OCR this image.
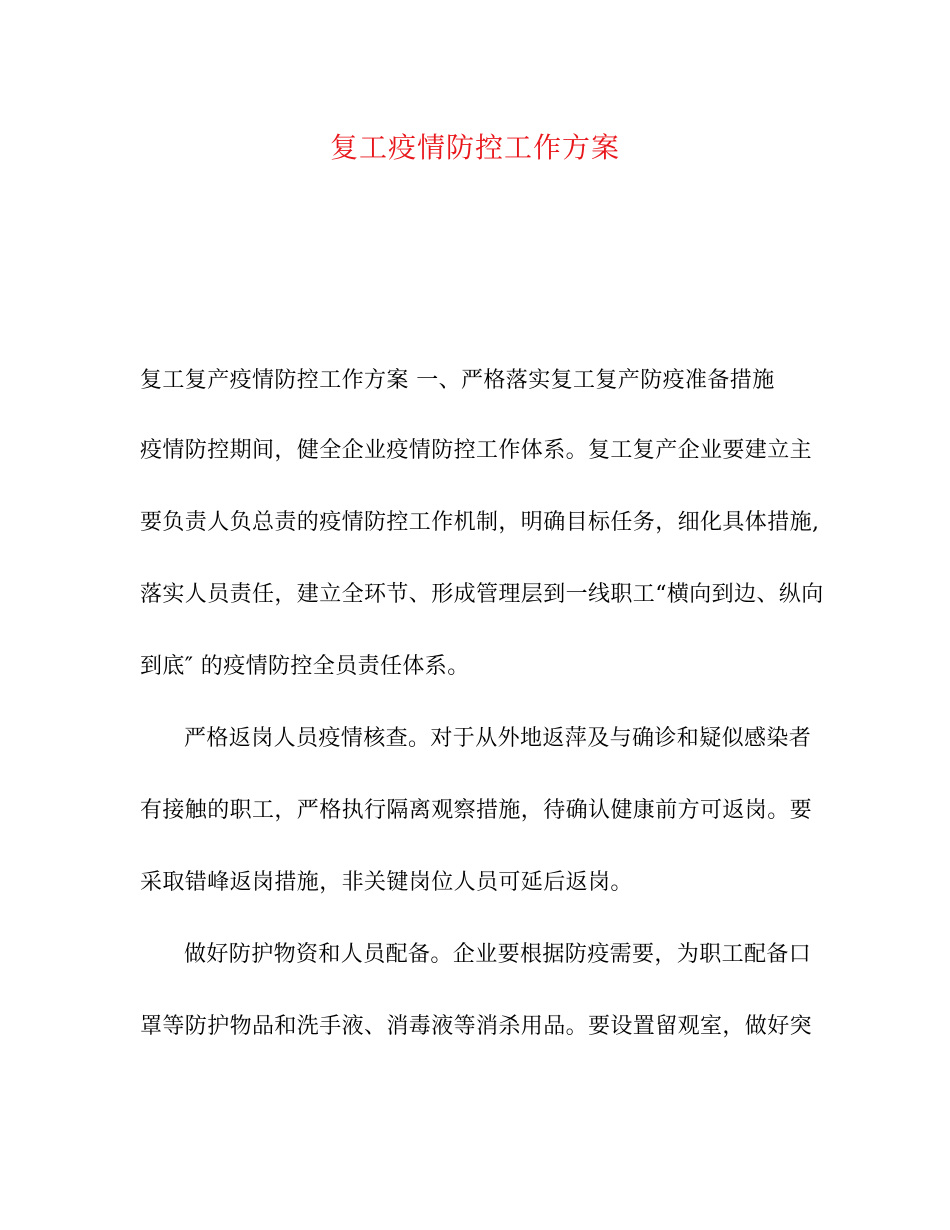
复工疫情防控工作方案
复工复产疫情防控工作方案 一、严格落实复工复产防疫准备措施
疫情防控期间，健全企业疫情防控工作体系。复工复产企业要建立主
要负责人负总责的疫情防控工作机制，明确目标任务，细化具体措施,
落实人员责任，建立全环节、形成管理层到一线职工“横向到边、纵向
到底″ 的疫情防控全员责任体系。
严格返岗人员疫情核查。对于从外地返萍及与确诊和疑似感染者
有接触的职工，严格执行隔离观察措施，待确认健康前方可返岗。要
采取错峰返岗措施，非关键岗位人员可延后返岗。
做好防护物资和人员配备。企业要根据防疫需要，为职工配备口
罩等防护物品和洗手液、消毒液等消杀用品。要设置留观室，做好突
